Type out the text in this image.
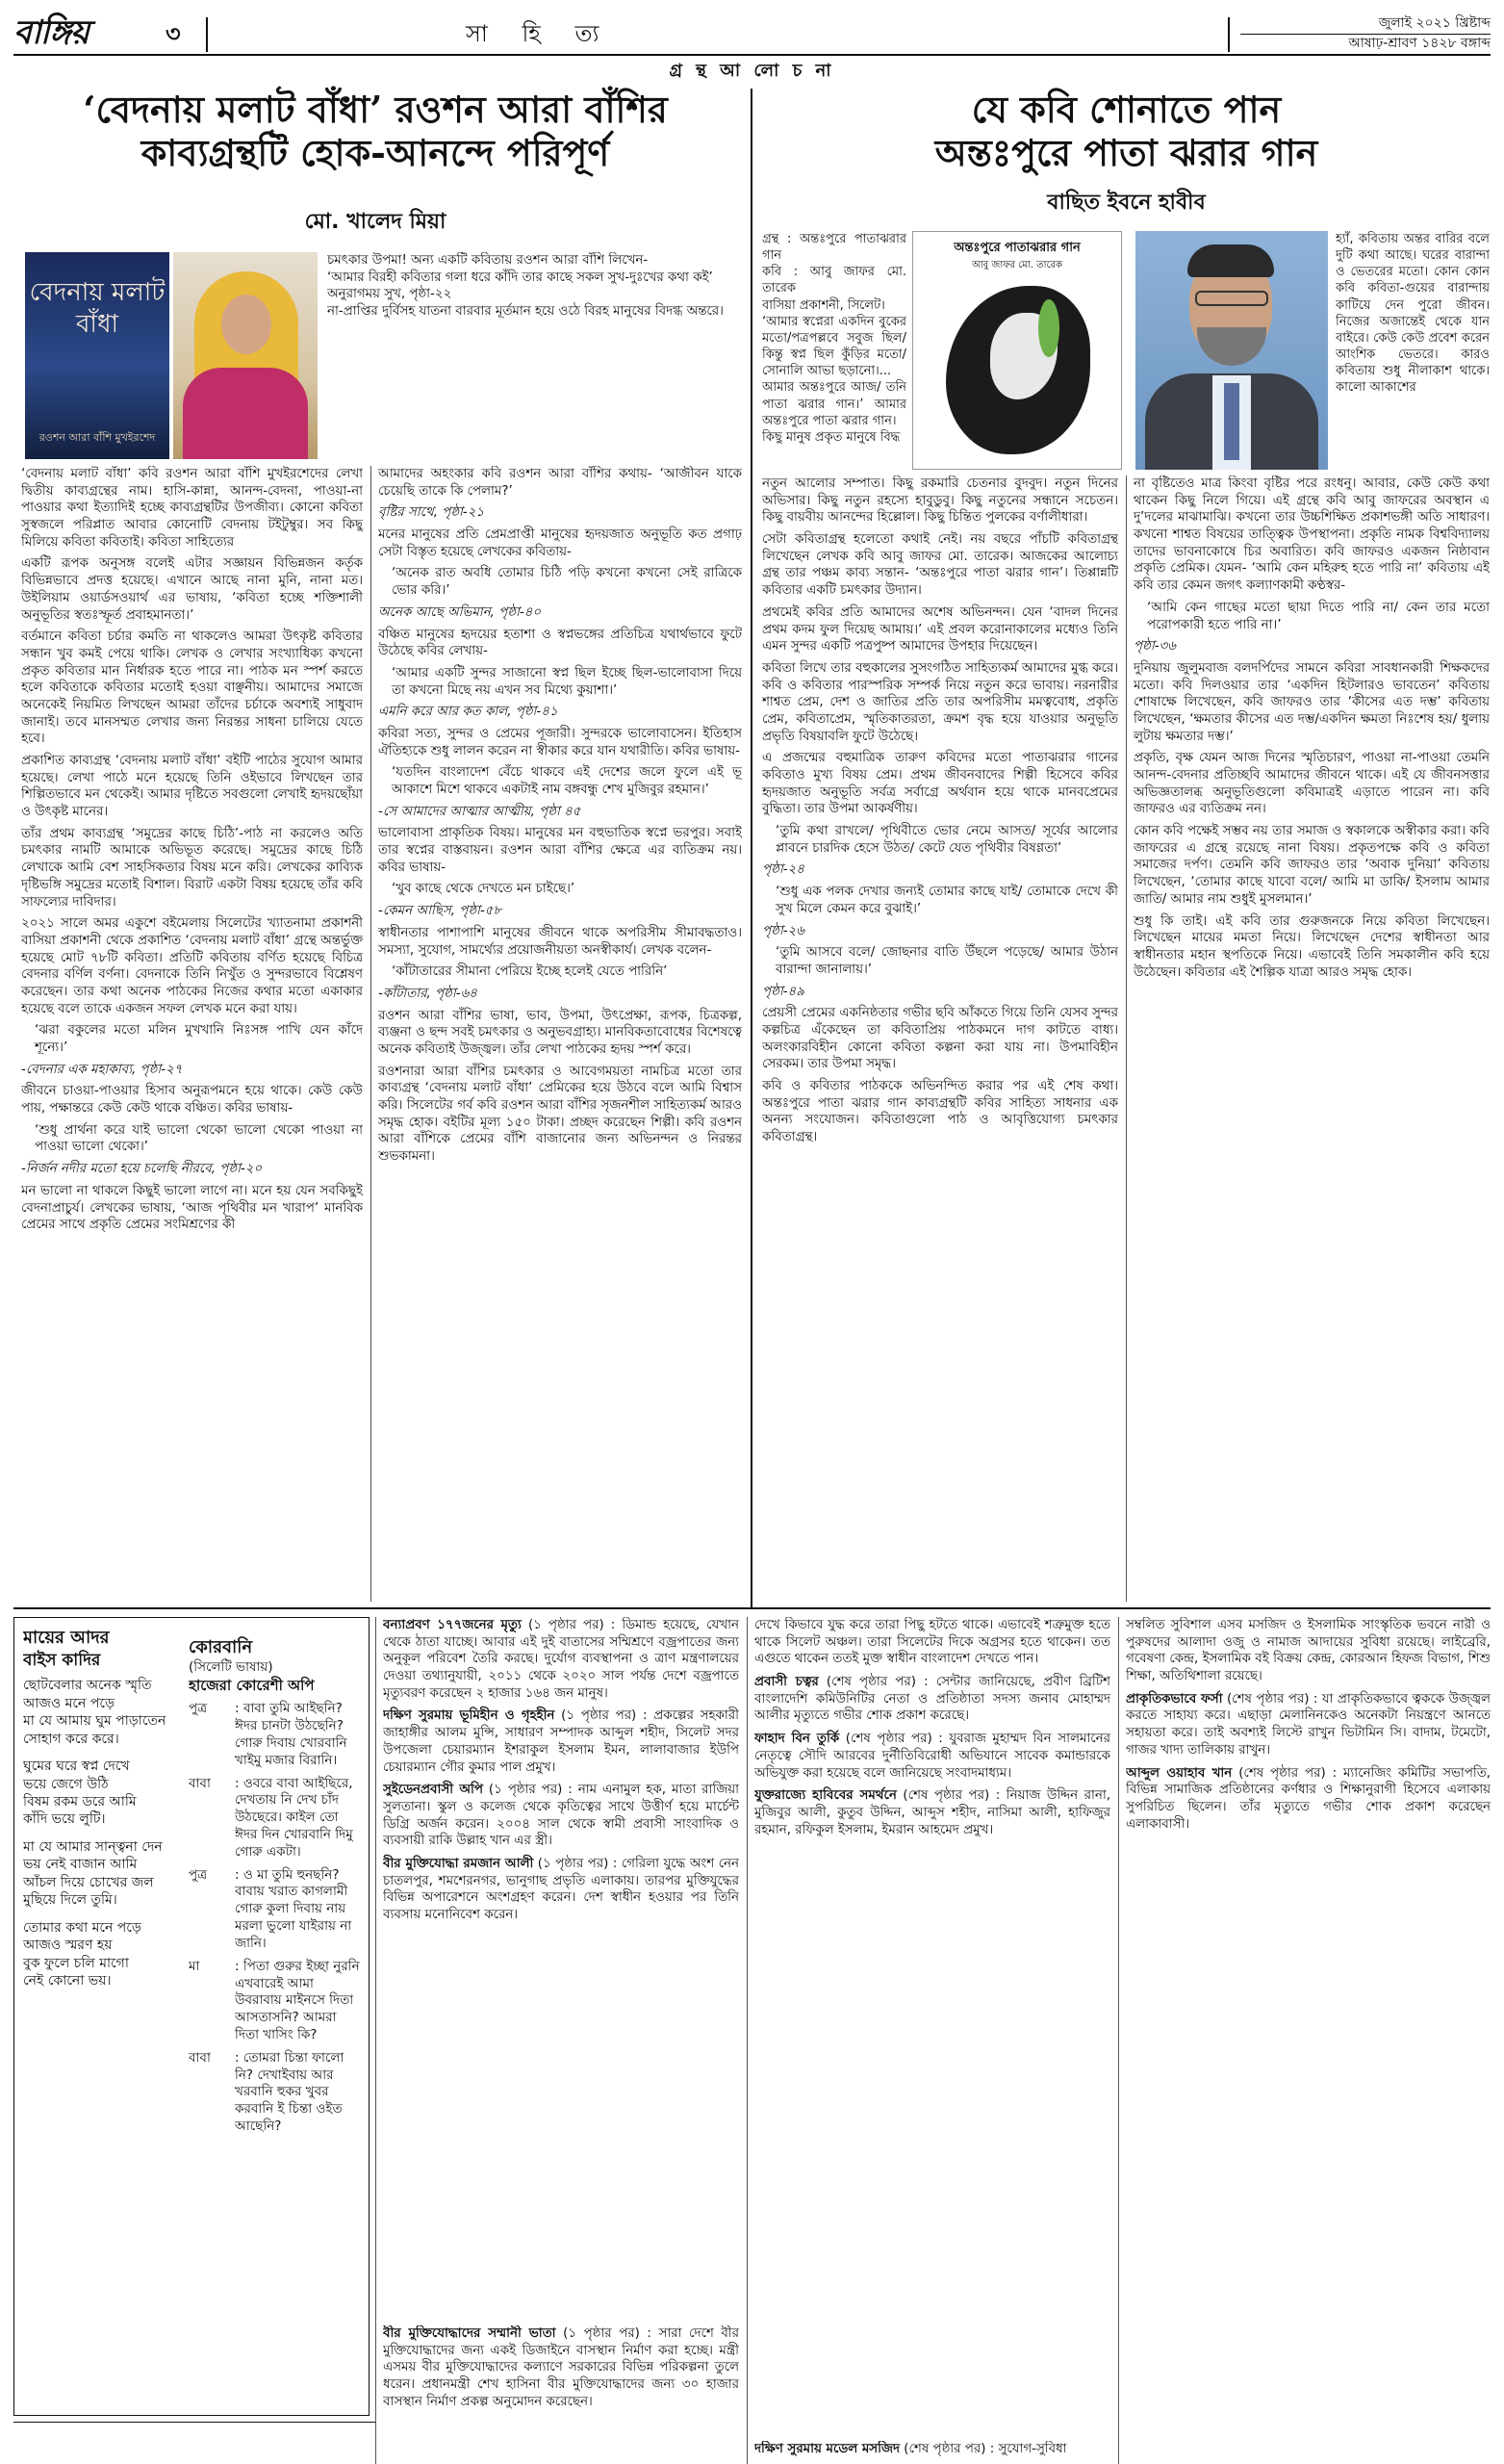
বাঙ্গিয়	৩	সা হি ত্য	জুলাই ২০২১ খ্রিষ্টাব্দ
আষাঢ়-শ্রাবণ ১৪২৮ বঙ্গাব্দ
গ্র ন্থ আ লো চ না
‘বেদনায় মলাট বাঁধা’ রওশন আরা বাঁশির
কাব্যগ্রন্থটি হোক-আনন্দে পরিপূর্ণ
মো. খালেদ মিয়া
বেদনায় মলাট বাঁধা
রওশন আরা বাঁশি মুখইরশেদ
চমৎকার উপমা! অন্য একটি কবিতায় রওশন আরা বাঁশি লিখেন-
‘আমার বিরহী কবিতার গলা ধরে কাঁদি তার কাছে সকল সুখ-দুঃখের কথা কই’
অনুরাগময় সুখ, পৃষ্ঠা-২২
না-প্রাপ্তির দুর্বিসহ যাতনা বারবার মূর্তমান হয়ে ওঠে বিরহ মানুষের বিদগ্ধ অন্তরে।

‘বেদনায় মলাট বাঁধা’ কবি রওশন আরা বাঁশি মুখইরশেদের লেখা দ্বিতীয় কাব্যগ্রন্থের নাম। হাসি-কান্না, আনন্দ-বেদনা, পাওয়া-না পাওয়ার কথা ইত্যাদিই হচ্ছে কাব্যগ্রন্থটির উপজীব্য। কোনো কবিতা সুস্বজলে পরিপ্লাত আবার কোনোটি বেদনায় টইটুম্বুর। সব কিছু মিলিয়ে কবিতা কবিতাই। কবিতা সাহিত্যের

একটি রূপক অনুসঙ্গ বলেই এটার সজ্ঞায়ন বিভিন্নজন কর্তৃক বিভিন্নভাবে প্রদত্ত হয়েছে। এখানে আছে নানা মুনি, নানা মত। উইলিয়াম ওয়ার্ডসওয়ার্থ এর ভাষায়, ‘কবিতা হচ্ছে শক্তিশালী অনুভূতির স্বতঃস্ফূর্ত প্রবাহমানতা।’

বর্তমানে কবিতা চর্চার কমতি না থাকলেও আমরা উৎকৃষ্ট কবিতার সন্ধান খুব কমই পেয়ে থাকি। লেখক ও লেখার সংখ্যাধিক্য কখনো প্রকৃত কবিতার মান নির্ধারক হতে পারে না। পাঠক মন স্পর্শ করতে হলে কবিতাকে কবিতার মতোই হওয়া বাঞ্ছনীয়। আমাদের সমাজে অনেকেই নিয়মিত লিখছেন আমরা তাঁদের চর্চাকে অবশ্যই সাধুবাদ জানাই। তবে মানসম্মত লেখার জন্য নিরন্তর সাধনা চালিয়ে যেতে হবে।

প্রকাশিত কাব্যগ্রন্থ ‘বেদনায় মলাট বাঁধা’ বইটি পাঠের সুযোগ আমার হয়েছে। লেখা পাঠে মনে হয়েছে তিনি ওইভাবে লিখছেন তার শিল্পিতভাবে মন থেকেই। আমার দৃষ্টিতে সবগুলো লেখাই হৃদয়ছোঁয়া ও উৎকৃষ্ট মানের।

তাঁর প্রথম কাব্যগ্রন্থ ‘সমুদ্রের কাছে চিঠি’-পাঠ না করলেও অতি চমৎকার নামটি আমাকে অভিভূত করেছে। সমুদ্রের কাছে চিঠি লেখাকে আমি বেশ সাহসিকতার বিষয় মনে করি। লেখকের কাব্যিক দৃষ্টিভঙ্গি সমুদ্রের মতোই বিশাল। বিরাট একটা বিষয় হয়েছে তাঁর কবি সাফল্যের দাবিদার।

২০২১ সালে অমর একুশে বইমেলায় সিলেটের খ্যাতনামা প্রকাশনী বাসিয়া প্রকাশনী থেকে প্রকাশিত ‘বেদনায় মলাট বাঁধা’ গ্রন্থে অন্তর্ভুক্ত হয়েছে মোট ৭৮টি কবিতা। প্রতিটি কবিতায় বর্ণিত হয়েছে বিচিত্র বেদনার বর্ণিল বর্ণনা। বেদনাকে তিনি নিখুঁত ও সুন্দরভাবে বিশ্লেষণ করেছেন। তার কথা অনেক পাঠকের নিজের কথার মতো একাকার হয়েছে বলে তাকে একজন সফল লেখক মনে করা যায়।

‘ঝরা বকুলের মতো মলিন মুখখানি নিঃসঙ্গ পাখি যেন কাঁদে শূন্যে।’

-বেদনার এক মহাকাব্য, পৃষ্ঠা-২৭

জীবনে চাওয়া-পাওয়ার হিসাব অনুরূপমনে হয়ে থাকে। কেউ কেউ পায়, পক্ষান্তরে কেউ কেউ থাকে বঞ্চিত। কবির ভাষায়-

‘শুধু প্রার্থনা করে যাই ভালো থেকো ভালো থেকো পাওয়া না পাওয়া ভালো থেকো।’

-নির্জন নদীর মতো হয়ে চলেছি নীরবে, পৃষ্ঠা-২০

মন ভালো না থাকলে কিছুই ভালো লাগে না। মনে হয় যেন সবকিছুই বেদনাপ্রাচুর্য। লেখকের ভাষায়, ‘আজ পৃথিবীর মন খারাপ’ মানবিক প্রেমের সাথে প্রকৃতি প্রেমের সংমিশ্রণের কী

আমাদের অহংকার কবি রওশন আরা বাঁশির কথায়- ‘আজীবন যাকে চেয়েছি তাকে কি পেলাম?’

বৃষ্টির সাথে, পৃষ্ঠা-২১

মনের মানুষের প্রতি প্রেমপ্রাপ্তী মানুষের হৃদয়জাত অনুভূতি কত প্রগাঢ় সেটা বিস্তৃত হয়েছে লেখকের কবিতায়-

‘অনেক রাত অবধি তোমার চিঠি পড়ি কখনো কখনো সেই রাত্রিকে ভোর করি।’

অনেক আছে অভিমান, পৃষ্ঠা-৪০

বঞ্চিত মানুষের হৃদয়ের হতাশা ও স্বপ্নভঙ্গের প্রতিচিত্র যথার্থভাবে ফুটে উঠেছে কবির লেখায়-

‘আমার একটি সুন্দর সাজানো স্বপ্ন ছিল ইচ্ছে ছিল-ভালোবাসা দিয়ে তা কখনো মিছে নয় এখন সব মিথ্যে কুয়াশা।’

এমনি করে আর কত কাল, পৃষ্ঠা-৪১

কবিরা সত্য, সুন্দর ও প্রেমের পূজারী। সুন্দরকে ভালোবাসেন। ইতিহাস ঐতিহ্যকে শুধু লালন করেন না স্বীকার করে যান যথারীতি। কবির ভাষায়-

‘যতদিন বাংলাদেশ বেঁচে থাকবে এই দেশের জলে ফুলে এই ভূ আকাশে মিশে থাকবে একটাই নাম বঙ্গবন্ধু শেখ মুজিবুর রহমান।’

-সে আমাদের আত্মার আত্মীয়, পৃষ্ঠা ৪৫

ভালোবাসা প্রাকৃতিক বিষয়। মানুষের মন বহুভাতিক স্বপ্নে ভরপুর। সবাই তার স্বপ্নের বাস্তবায়ন। রওশন আরা বাঁশির ক্ষেত্রে এর ব্যতিক্রম নয়। কবির ভাষায়-

‘খুব কাছে থেকে দেখতে মন চাইছে।’

-কেমন আছিস, পৃষ্ঠা-৫৮

স্বাধীনতার পাশাপাশি মানুষের জীবনে থাকে অপরিসীম সীমাবদ্ধতাও। সমস্যা, সুযোগ, সামর্থ্যের প্রয়োজনীয়তা অনস্বীকার্য। লেখক বলেন-

‘কাঁটাতারের সীমানা পেরিয়ে ইচ্ছে হলেই যেতে পারিনি’

-কাঁটাতার, পৃষ্ঠা-৬৪

রওশন আরা বাঁশির ভাষা, ভাব, উপমা, উৎপ্রেক্ষা, রূপক, চিত্রকল্প, ব্যঞ্জনা ও ছন্দ সবই চমৎকার ও অনুভবগ্রাহ্য। মানবিকতাবোধের বিশেষত্বে অনেক কবিতাই উজ্জ্বল। তাঁর লেখা পাঠকের হৃদয় স্পর্শ করে।

রওশনারা আরা বাঁশির চমৎকার ও আবেগময়তা নামচিত্র মতো তার কাব্যগ্রন্থ ‘বেদনায় মলাট বাঁধা’ প্রেমিকের হয়ে উঠবে বলে আমি বিশ্বাস করি। সিলেটের গর্ব কবি রওশন আরা বাঁশির সৃজনশীল সাহিত্যকর্ম আরও সমৃদ্ধ হোক। বইটির মূল্য ১৫০ টাকা। প্রচ্ছদ করেছেন শিল্পী। কবি রওশন আরা বাঁশিকে প্রেমের বাঁশি বাজানোর জন্য অভিনন্দন ও নিরন্তর শুভকামনা।

যে কবি শোনাতে পান
অন্তঃপুরে পাতা ঝরার গান
বাছিত ইবনে হাবীব
গ্রন্থ : অন্তঃপুরে পাতাঝরার গান
কবি : আবু জাফর মো. তারেক
বাসিয়া প্রকাশনী, সিলেট।
‘আমার স্বপ্নেরা একদিন বুকের মতো/পত্রপল্লবে সবুজ ছিল/ কিন্তু স্বপ্ন ছিল কুঁড়ির মতো/ সোনালি আভা ছড়ানো।...
আমার অন্তঃপুরে আজ/ তনি পাতা ঝরার গান।’ আমার অন্তঃপুরে পাতা ঝরার গান।
কিছু মানুষ প্রকৃত মানুষে বিদ্ধ
অন্তঃপুরে পাতাঝরার গান
আবু জাফর মো. তারেক
হ্যাঁ, কবিতায় অন্তর বারির বলে দুটি কথা আছে। ঘরের বারান্দা ও ভেতরের মতো। কোন কোন কবি কবিতা-গুয়ের বারান্দায় কাটিয়ে দেন পুরো জীবন। নিজের অজান্তেই থেকে যান বাইরে। কেউ কেউ প্রবেশ করেন আংশিক ভেতরে। কারও কবিতায় শুধু নীলাকাশ থাকে। কালো আকাশের

নতুন আলোর সম্পাত। কিছু রকমারি চেতনার বুদবুদ। নতুন দিনের অভিসার। কিছু নতুন রহস্যে হাবুডুবু। কিছু নতুনের সন্ধানে সচেতন। কিছু বায়বীয় আনন্দের হিল্লোল। কিছু চিন্তিত পুলকের বর্ণালীধারা।

সেটা কবিতাগ্রন্থ হলেতো কথাই নেই। নয় বছরে পাঁচটি কবিতাগ্রন্থ লিখেছেন লেখক কবি আবু জাফর মো. তারেক। আজকের আলোচ্য গ্রন্থ তার পঞ্চম কাব্য সন্তান- ‘অন্তঃপুরে পাতা ঝরার গান’। তিপ্পান্নটি কবিতার একটি চমৎকার উদ্যান।

প্রথমেই কবির প্রতি আমাদের অশেষ অভিনন্দন। যেন ‘বাদল দিনের প্রথম কদম ফুল দিয়েছ আমায়।’ এই প্রবল করোনাকালের মধ্যেও তিনি এমন সুন্দর একটি পত্রপুষ্প আমাদের উপহার দিয়েছেন।

কবিতা লিখে তার বহুকালের সুসংগঠিত সাহিত্যকর্ম আমাদের মুগ্ধ করে। কবি ও কবিতার পারস্পরিক সম্পর্ক নিয়ে নতুন করে ভাবায়। নরনারীর শাশ্বত প্রেম, দেশ ও জাতির প্রতি তার অপরিসীম মমত্ববোধ, প্রকৃতি প্রেম, কবিতাপ্রেম, স্মৃতিকাতরতা, ক্রমশ বৃদ্ধ হয়ে যাওয়ার অনুভূতি প্রভৃতি বিষয়াবলি ফুটে উঠেছে।

এ প্রজন্মের বহুমাত্রিক তারুণ কবিদের মতো পাতাঝরার গানের কবিতাও মুখ্য বিষয় প্রেম। প্রথম জীবনবাদের শিল্পী হিসেবে কবির হৃদয়জাত অনুভূতি সৰ্বত্র সৰ্বাগ্রে অৰ্থবান হয়ে থাকে মানবপ্রেমের বুদ্ধিতা। তার উপমা আকর্ষণীয়।

‘তুমি কথা রাখলে/ পৃথিবীতে ভোর নেমে আসত/ সূর্যের আলোর প্লাবনে চারদিক হেসে উঠত/ কেটে যেত পৃথিবীর বিষণ্ণতা’

পৃষ্ঠা-২৪

‘শুধু এক পলক দেখার জন্যই তোমার কাছে যাই/ তোমাকে দেখে কী সুখ মিলে কেমন করে বুঝাই।’

পৃষ্ঠা-২৬

‘তুমি আসবে বলে/ জোছনার বাতি উঁছলে পড়েছে/ আমার উঠান বারান্দা জানালায়।’

পৃষ্ঠা-৪৯

প্রেয়সী প্রেমের একনিষ্ঠতার গভীর ছবি আঁকতে গিয়ে তিনি যেসব সুন্দর কল্পচিত্র এঁকেছেন তা কবিতাপ্রিয় পাঠকমনে দাগ কাটতে বাধ্য। অলংকারবিহীন কোনো কবিতা কল্পনা করা যায় না। উপমাবিহীন সেরকম। তার উপমা সমৃদ্ধ।

কবি ও কবিতার পাঠককে অভিনন্দিত করার পর এই শেষ কথা। অন্তঃপুরে পাতা ঝরার গান কাব্যগ্রন্থটি কবির সাহিত্য সাধনার এক অনন্য সংযোজন। কবিতাগুলো পাঠ ও আবৃত্তিযোগ্য চমৎকার কবিতাগ্রন্থ।

না বৃষ্টিতেও মাত্র কিংবা বৃষ্টির পরে রংধনু। আবার, কেউ কেউ কথা থাকেন কিছু নিলে গিয়ে। এই গ্রন্থে কবি আবু জাফরের অবস্থান এ দু’দলের মাঝামাঝি। কখনো তার উচ্চশিক্ষিত প্রকাশভঙ্গী অতি সাধারণ। কখনো শাশ্বত বিষয়ের তাত্ত্বিক উপস্থাপনা। প্রকৃতি নামক বিশ্ববিদ্যালয় তাদের ভাবনাকোষে চির অবারিত। কবি জাফরও একজন নিষ্ঠাবান প্রকৃতি প্রেমিক। যেমন- ‘আমি কেন মহিরুহ হতে পারি না’ কবিতায় এই কবি তার কেমন জগৎ কল্যাণকামী কণ্ঠস্বর-

‘আমি কেন গাছের মতো ছায়া দিতে পারি না/ কেন তার মতো পরোপকারী হতে পারি না।’

পৃষ্ঠা-৩৬

দুনিয়ায় জুলুমবাজ বলদর্পিদের সামনে কবিরা সাবধানকারী শিক্ষকদের মতো। কবি দিলওয়ার তার ‘একদিন হিটলারও ভাবতেন’ কবিতায় শোষাক্ষে লিখেছেন, কবি জাফরও তার ‘কীসের এত দম্ভ’ কবিতায় লিখেছেন, ‘ক্ষমতার কীসের এত দম্ভ/একদিন ক্ষমতা নিঃশেষ হয়/ ধুলায় লুটায় ক্ষমতার দম্ভ।’

প্রকৃতি, বৃক্ষ যেমন আজ দিনের স্মৃতিচারণ, পাওয়া না-পাওয়া তেমনি আনন্দ-বেদনার প্রতিচ্ছবি আমাদের জীবনে থাকে। এই যে জীবনসত্তার অভিজ্ঞতালব্ধ অনুভূতিগুলো কবিমাত্রই এড়াতে পারেন না। কবি জাফরও এর ব্যতিক্রম নন।

কোন কবি পক্ষেই সম্ভব নয় তার সমাজ ও স্বকালকে অস্বীকার করা। কবি জাফরের এ গ্রন্থে রয়েছে নানা বিষয়। প্রকৃতপক্ষে কবি ও কবিতা সমাজের দর্পণ। তেমনি কবি জাফরও তার ‘অবাক দুনিয়া’ কবিতায় লিখেছেন, ‘তোমার কাছে যাবো বলে/ আমি মা ডাকি/ ইসলাম আমার জাতি/ আমার নাম শুধুই মুসলমান।’

শুধু কি তাই। এই কবি তার গুরুজনকে নিয়ে কবিতা লিখেছেন। লিখেছেন মায়ের মমতা নিয়ে। লিখেছেন দেশের স্বাধীনতা আর স্বাধীনতার মহান স্থপতিকে নিয়ে। এভাবেই তিনি সমকালীন কবি হয়ে উঠেছেন। কবিতার এই শৈল্পিক যাত্রা আরও সমৃদ্ধ হোক।

মায়ের আদর
বাইস কাদির
ছোটবেলার অনেক স্মৃতি
আজও মনে পড়ে
মা যে আমায় ঘুম পাড়াতেন
সোহাগ করে করে।
ঘুমের ঘরে স্বপ্ন দেখে
ভয়ে জেগে উঠি
বিষম রকম ডরে আমি
কাঁদি ভয়ে লুটি।
মা যে আমার সান্ত্বনা দেন
ভয় নেই বাজান আমি
আঁচল দিয়ে চোখের জল
মুছিয়ে দিলে তুমি।
তোমার কথা মনে পড়ে
আজও স্মরণ হয়
বুক ফুলে চলি মাগো
নেই কোনো ভয়।
কোরবানি
(সিলেটি ভাষায়)
হাজেরা কোরেশী অপি
পুত্র	: বাবা তুমি আইছনি? ঈদর চানটা উঠছেনি? গোরু দিবায় খোরবানি খাইমু মজার বিরানি।
বাবা	: ওবরে বাবা আইছিরে, দেখতায় নি দেখ চাঁদ উঠছেরে। কাইল তো ঈদর দিন খোরবানি দিমু গোরু একটা।
পুত্র	: ও মা তুমি হুনছনি? বাবায় খরাত কাগলামী গোরু কুলা দিবায় নায় মরলা ভুলো যাইরায় না জানি।
মা	: পিতা গুরুর ইচ্ছা নুরনি এখবারেই আমা উবরাবায় মাইনসে দিতা আসতাসনি? আমরা দিতা খাসিং কি?
বাবা	: তোমরা চিন্তা ফালো নি? দেখাইবায় আর খরবানি হুকর খুবর করবানি ই চিন্তা ওইত আছেনি?

বন্যাপ্রবণ ১৭৭জনের মৃত্যু (১ পৃষ্ঠার পর) : ডিমান্ড হয়েছে, যেখান থেকে ঠাতা যাচ্ছে। আবার এই দুই বাতাসের সম্মিশ্রণে বজ্রপাতের জন্য অনুকূল পরিবেশ তৈরি করছে। দুর্যোগ ব্যবস্থাপনা ও ত্রাণ মন্ত্রণালয়ের দেওয়া তথ্যানুযায়ী, ২০১১ থেকে ২০২০ সাল পর্যন্ত দেশে বজ্রপাতে মৃত্যুবরণ করেছেন ২ হাজার ১৬৪ জন মানুষ।

দক্ষিণ সুরমায় ভূমিহীন ও গৃহহীন (১ পৃষ্ঠার পর) : প্রকল্পের সহকারী জাহাঙ্গীর আলম মুন্সি, সাধারণ সম্পাদক আব্দুল শহীদ, সিলেট সদর উপজেলা চেয়ারম্যান ইশরাকুল ইসলাম ইমন, লালাবাজার ইউপি চেয়ারম্যান গৌর কুমার পাল প্রমুখ।

সুইডেনপ্রবাসী অপি (১ পৃষ্ঠার পর) : নাম এনামুল হক, মাতা রাজিয়া সুলতানা। স্কুল ও কলেজ থেকে কৃতিত্বের সাথে উত্তীর্ণ হয়ে মার্চেন্ট ডিগ্রি অর্জন করেন। ২০০৪ সাল থেকে স্বামী প্রবাসী সাংবাদিক ও ব্যবসায়ী রাকি উল্লাহ খান এর স্ত্রী।

বীর মুক্তিযোদ্ধা রমজান আলী (১ পৃষ্ঠার পর) : গেরিলা যুদ্ধে অংশ নেন চাতলপুর, শমশেরনগর, ভানুগাছ প্রভৃতি এলাকায়। তারপর মুক্তিযুদ্ধের বিভিন্ন অপারেশনে অংশগ্রহণ করেন। দেশ স্বাধীন হওয়ার পর তিনি ব্যবসায় মনোনিবেশ করেন।

দেখে কিভাবে যুদ্ধ করে তারা পিছু হটতে থাকে। এভাবেই শত্রুমুক্ত হতে থাকে সিলেট অঞ্চল। তারা সিলেটের দিকে অগ্রসর হতে থাকেন। তত এগুতে থাকেন ততই মুক্ত স্বাধীন বাংলাদেশ দেখতে পান।

প্রবাসী চত্বর (শেষ পৃষ্ঠার পর) : সেন্টার জানিয়েছে, প্রবীণ ব্রিটিশ বাংলাদেশি কমিউনিটির নেতা ও প্রতিষ্ঠাতা সদস্য জনাব মোহাম্মদ আলীর মৃত্যুতে গভীর শোক প্রকাশ করেছে।

ফাহাদ বিন তুর্কি (শেষ পৃষ্ঠার পর) : যুবরাজ মুহাম্মদ বিন সালমানের নেতৃত্বে সৌদি আরবের দুর্নীতিবিরোধী অভিযানে সাবেক কমান্ডারকে অভিযুক্ত করা হয়েছে বলে জানিয়েছে সংবাদমাধ্যম।

যুক্তরাজ্যে হাবিবের সমর্থনে (শেষ পৃষ্ঠার পর) : নিয়াজ উদ্দিন রানা, মুজিবুর আলী, কুতুব উদ্দিন, আব্দুস শহীদ, নাসিমা আলী, হাফিজুর রহমান, রফিকুল ইসলাম, ইমরান আহমেদ প্রমুখ।

সম্বলিত সুবিশাল এসব মসজিদ ও ইসলামিক সাংস্কৃতিক ভবনে নারী ও পুরুষদের আলাদা ওজু ও নামাজ আদায়ের সুবিধা রয়েছে। লাইব্রেরি, গবেষণা কেন্দ্র, ইসলামিক বই বিক্রয় কেন্দ্র, কোরআন হিফজ বিভাগ, শিশু শিক্ষা, অতিথিশালা রয়েছে।

প্রাকৃতিকভাবে ফর্সা (শেষ পৃষ্ঠার পর) : যা প্রাকৃতিকভাবে ত্বককে উজ্জ্বল করতে সাহায্য করে। এছাড়া মেলানিনকেও অনেকটা নিয়ন্ত্রণে আনতে সহায়তা করে। তাই অবশ্যই লিস্টে রাখুন ভিটামিন সি। বাদাম, টমেটো, গাজর খাদ্য তালিকায় রাখুন।

আব্দুল ওয়াহাব খান (শেষ পৃষ্ঠার পর) : ম্যানেজিং কমিটির সভাপতি, বিভিন্ন সামাজিক প্রতিষ্ঠানের কর্ণধার ও শিক্ষানুরাগী হিসেবে এলাকায় সুপরিচিত ছিলেন। তাঁর মৃত্যুতে গভীর শোক প্রকাশ করেছেন এলাকাবাসী।

বীর মুক্তিযোদ্ধাদের সম্মানী ভাতা (১ পৃষ্ঠার পর) : সারা দেশে বীর মুক্তিযোদ্ধাদের জন্য একই ডিজাইনে বাসস্থান নির্মাণ করা হচ্ছে। মন্ত্রী এসময় বীর মুক্তিযোদ্ধাদের কল্যাণে সরকারের বিভিন্ন পরিকল্পনা তুলে ধরেন। প্রধানমন্ত্রী শেখ হাসিনা বীর মুক্তিযোদ্ধাদের জন্য ৩০ হাজার বাসস্থান নির্মাণ প্রকল্প অনুমোদন করেছেন।
দক্ষিণ সুরমায় মডেল মসজিদ (শেষ পৃষ্ঠার পর) : সুযোগ-সুবিধা
